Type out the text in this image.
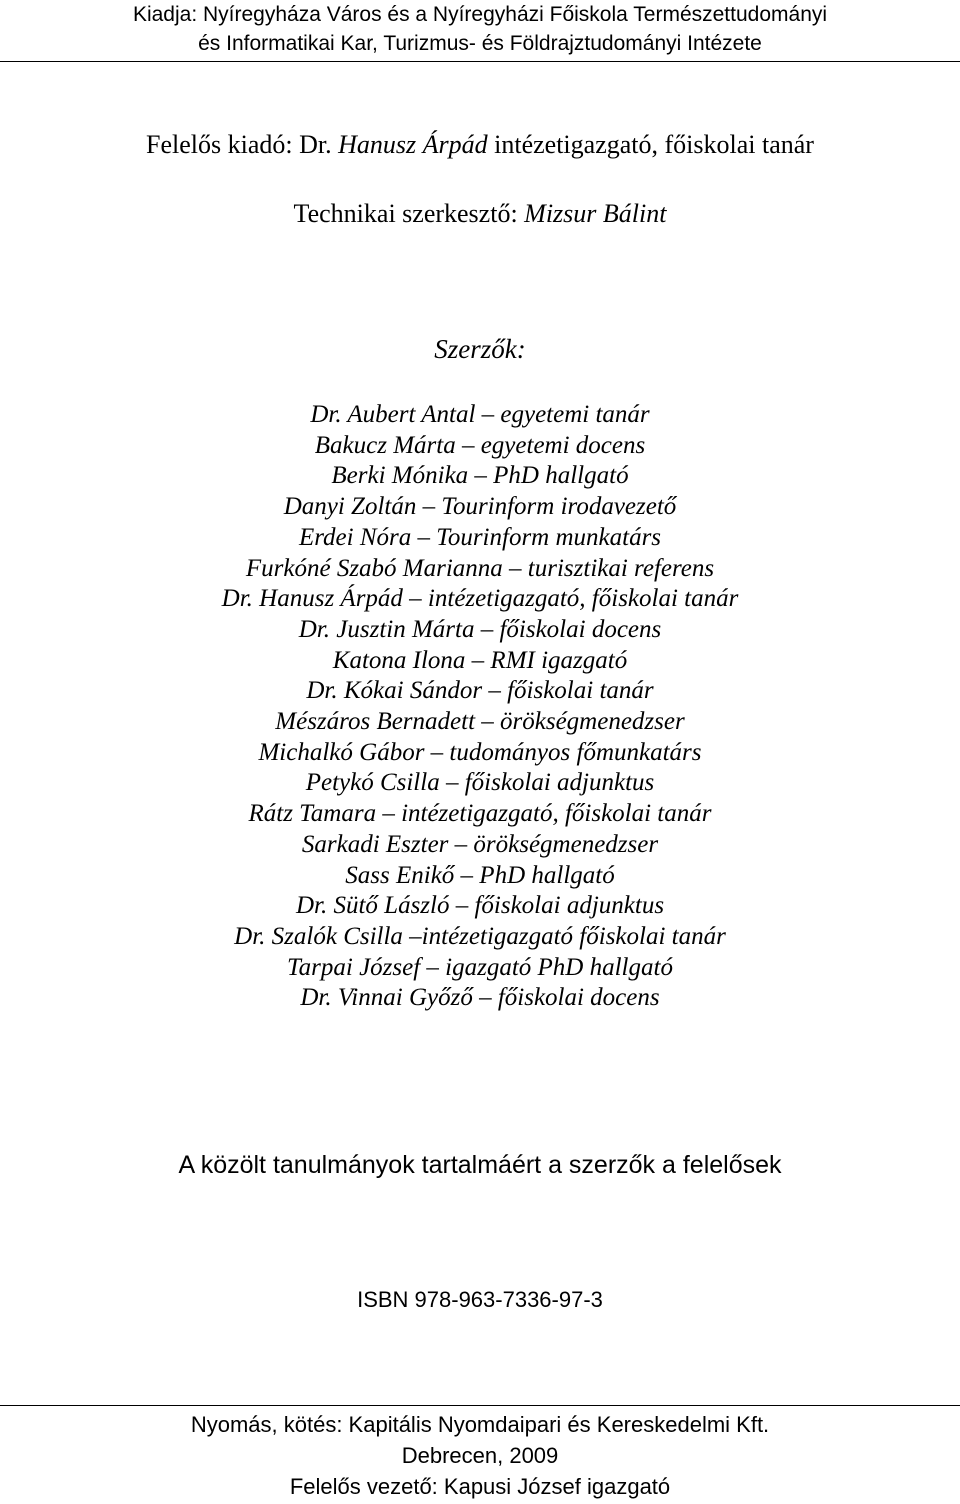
Kiadja: Nyíregyháza Város és a Nyíregyházi Főiskola Természettudományi
és Informatikai Kar, Turizmus- és Földrajztudományi Intézete
Felelős kiadó: Dr. Hanusz Árpád intézetigazgató, főiskolai tanár
Technikai szerkesztő: Mizsur Bálint
Szerzők:
Dr. Aubert Antal – egyetemi tanár
Bakucz Márta – egyetemi docens
Berki Mónika – PhD hallgató
Danyi Zoltán – Tourinform irodavezető
Erdei Nóra – Tourinform munkatárs
Furkóné Szabó Marianna – turisztikai referens
Dr. Hanusz Árpád – intézetigazgató, főiskolai tanár
Dr. Jusztin Márta – főiskolai docens
Katona Ilona – RMI igazgató
Dr. Kókai Sándor – főiskolai tanár
Mészáros Bernadett – örökségmenedzser
Michalkó Gábor – tudományos főmunkatárs
Petykó Csilla – főiskolai adjunktus
Rátz Tamara – intézetigazgató, főiskolai tanár
Sarkadi Eszter – örökségmenedzser
Sass Enikő – PhD hallgató
Dr. Sütő László – főiskolai adjunktus
Dr. Szalók Csilla –intézetigazgató főiskolai tanár
Tarpai József – igazgató PhD hallgató
Dr. Vinnai Győző – főiskolai docens
A közölt tanulmányok tartalmáért a szerzők a felelősek
ISBN 978-963-7336-97-3
Nyomás, kötés: Kapitális Nyomdaipari és Kereskedelmi Kft.
Debrecen, 2009
Felelős vezető: Kapusi József igazgató
